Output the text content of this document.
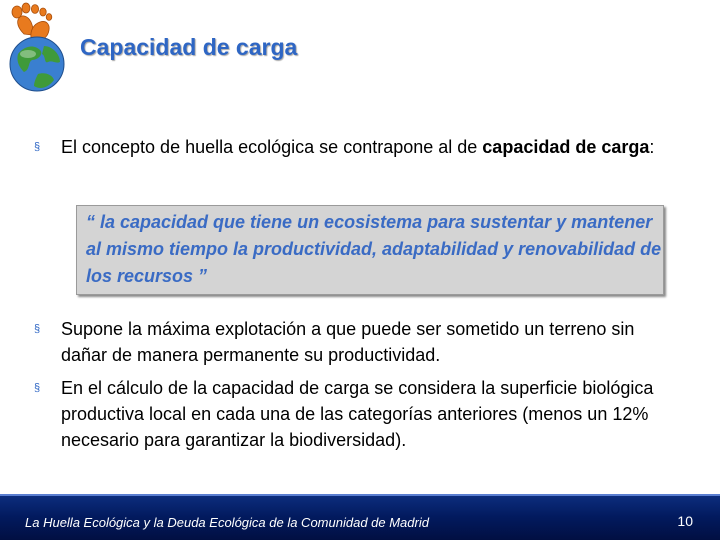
Capacidad de carga
§ El concepto de huella ecológica se contrapone al de capacidad de carga:
“ la capacidad que tiene un ecosistema para sustentar y mantener al mismo tiempo la productividad, adaptabilidad y renovabilidad de los recursos ”
§ Supone la máxima explotación a que puede ser sometido un terreno sin dañar de manera permanente su productividad.
§ En el cálculo de la capacidad de carga se considera la superficie biológica productiva local en cada una de las categorías anteriores (menos un 12% necesario para garantizar la biodiversidad).
La Huella Ecológica y la Deuda Ecológica de la Comunidad de Madrid	10
